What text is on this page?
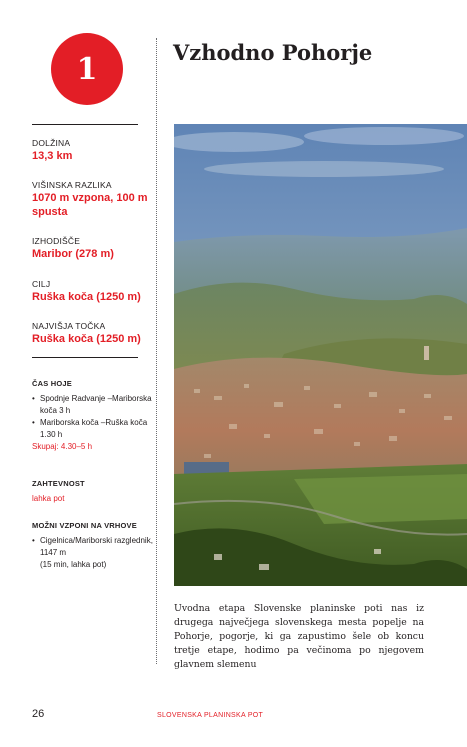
1
DOLŽINA
13,3 km
VIŠINSKA RAZLIKA
1070 m vzpona, 100 m spusta
IZHODIŠČE
Maribor (278 m)
CILJ
Ruška koča (1250 m)
NAJVIŠJA TOČKA
Ruška koča (1250 m)
ČAS HOJE
• Spodnje Radvanje –Mariborska koča 3 h
• Mariborska koča –Ruška koča 1.30 h
Skupaj: 4.30–5 h
ZAHTEVNOST
lahka pot
MOŽNI VZPONI NA VRHOVE
• Cigelnica/Mariborski razglednik, 1147 m
(15 min, lahka pot)
Vzhodno Pohorje

Uvodna etapa Slovenske planinske poti nas iz drugega največjega slovenskega mesta popelje na Pohorje, pogorje, ki ga zapustimo šele ob koncu tretje etape, hodimo pa večinoma po njegovem glavnem slemenu

26	SLOVENSKA PLANINSKA POT
